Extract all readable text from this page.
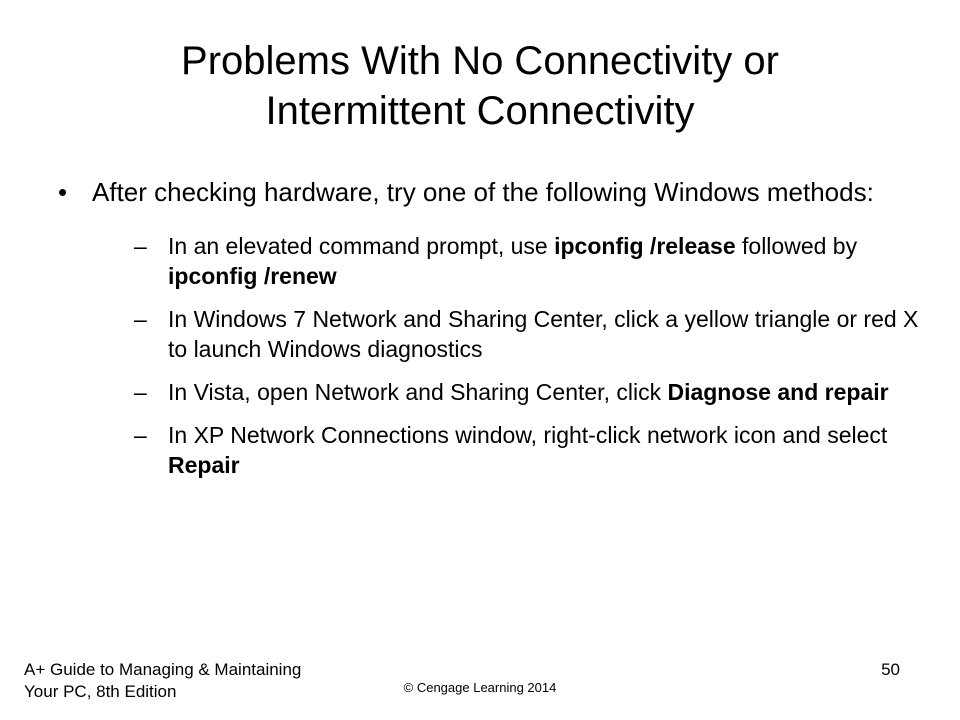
Problems With No Connectivity or
Intermittent Connectivity
• After checking hardware, try one of the following Windows methods:
– In an elevated command prompt, use ipconfig /release followed by ipconfig /renew
– In Windows 7 Network and Sharing Center, click a yellow triangle or red X to launch Windows diagnostics
– In Vista, open Network and Sharing Center, click Diagnose and repair
– In XP Network Connections window, right-click network icon and select Repair
A+ Guide to Managing & Maintaining
Your PC, 8th Edition	© Cengage Learning 2014
50
